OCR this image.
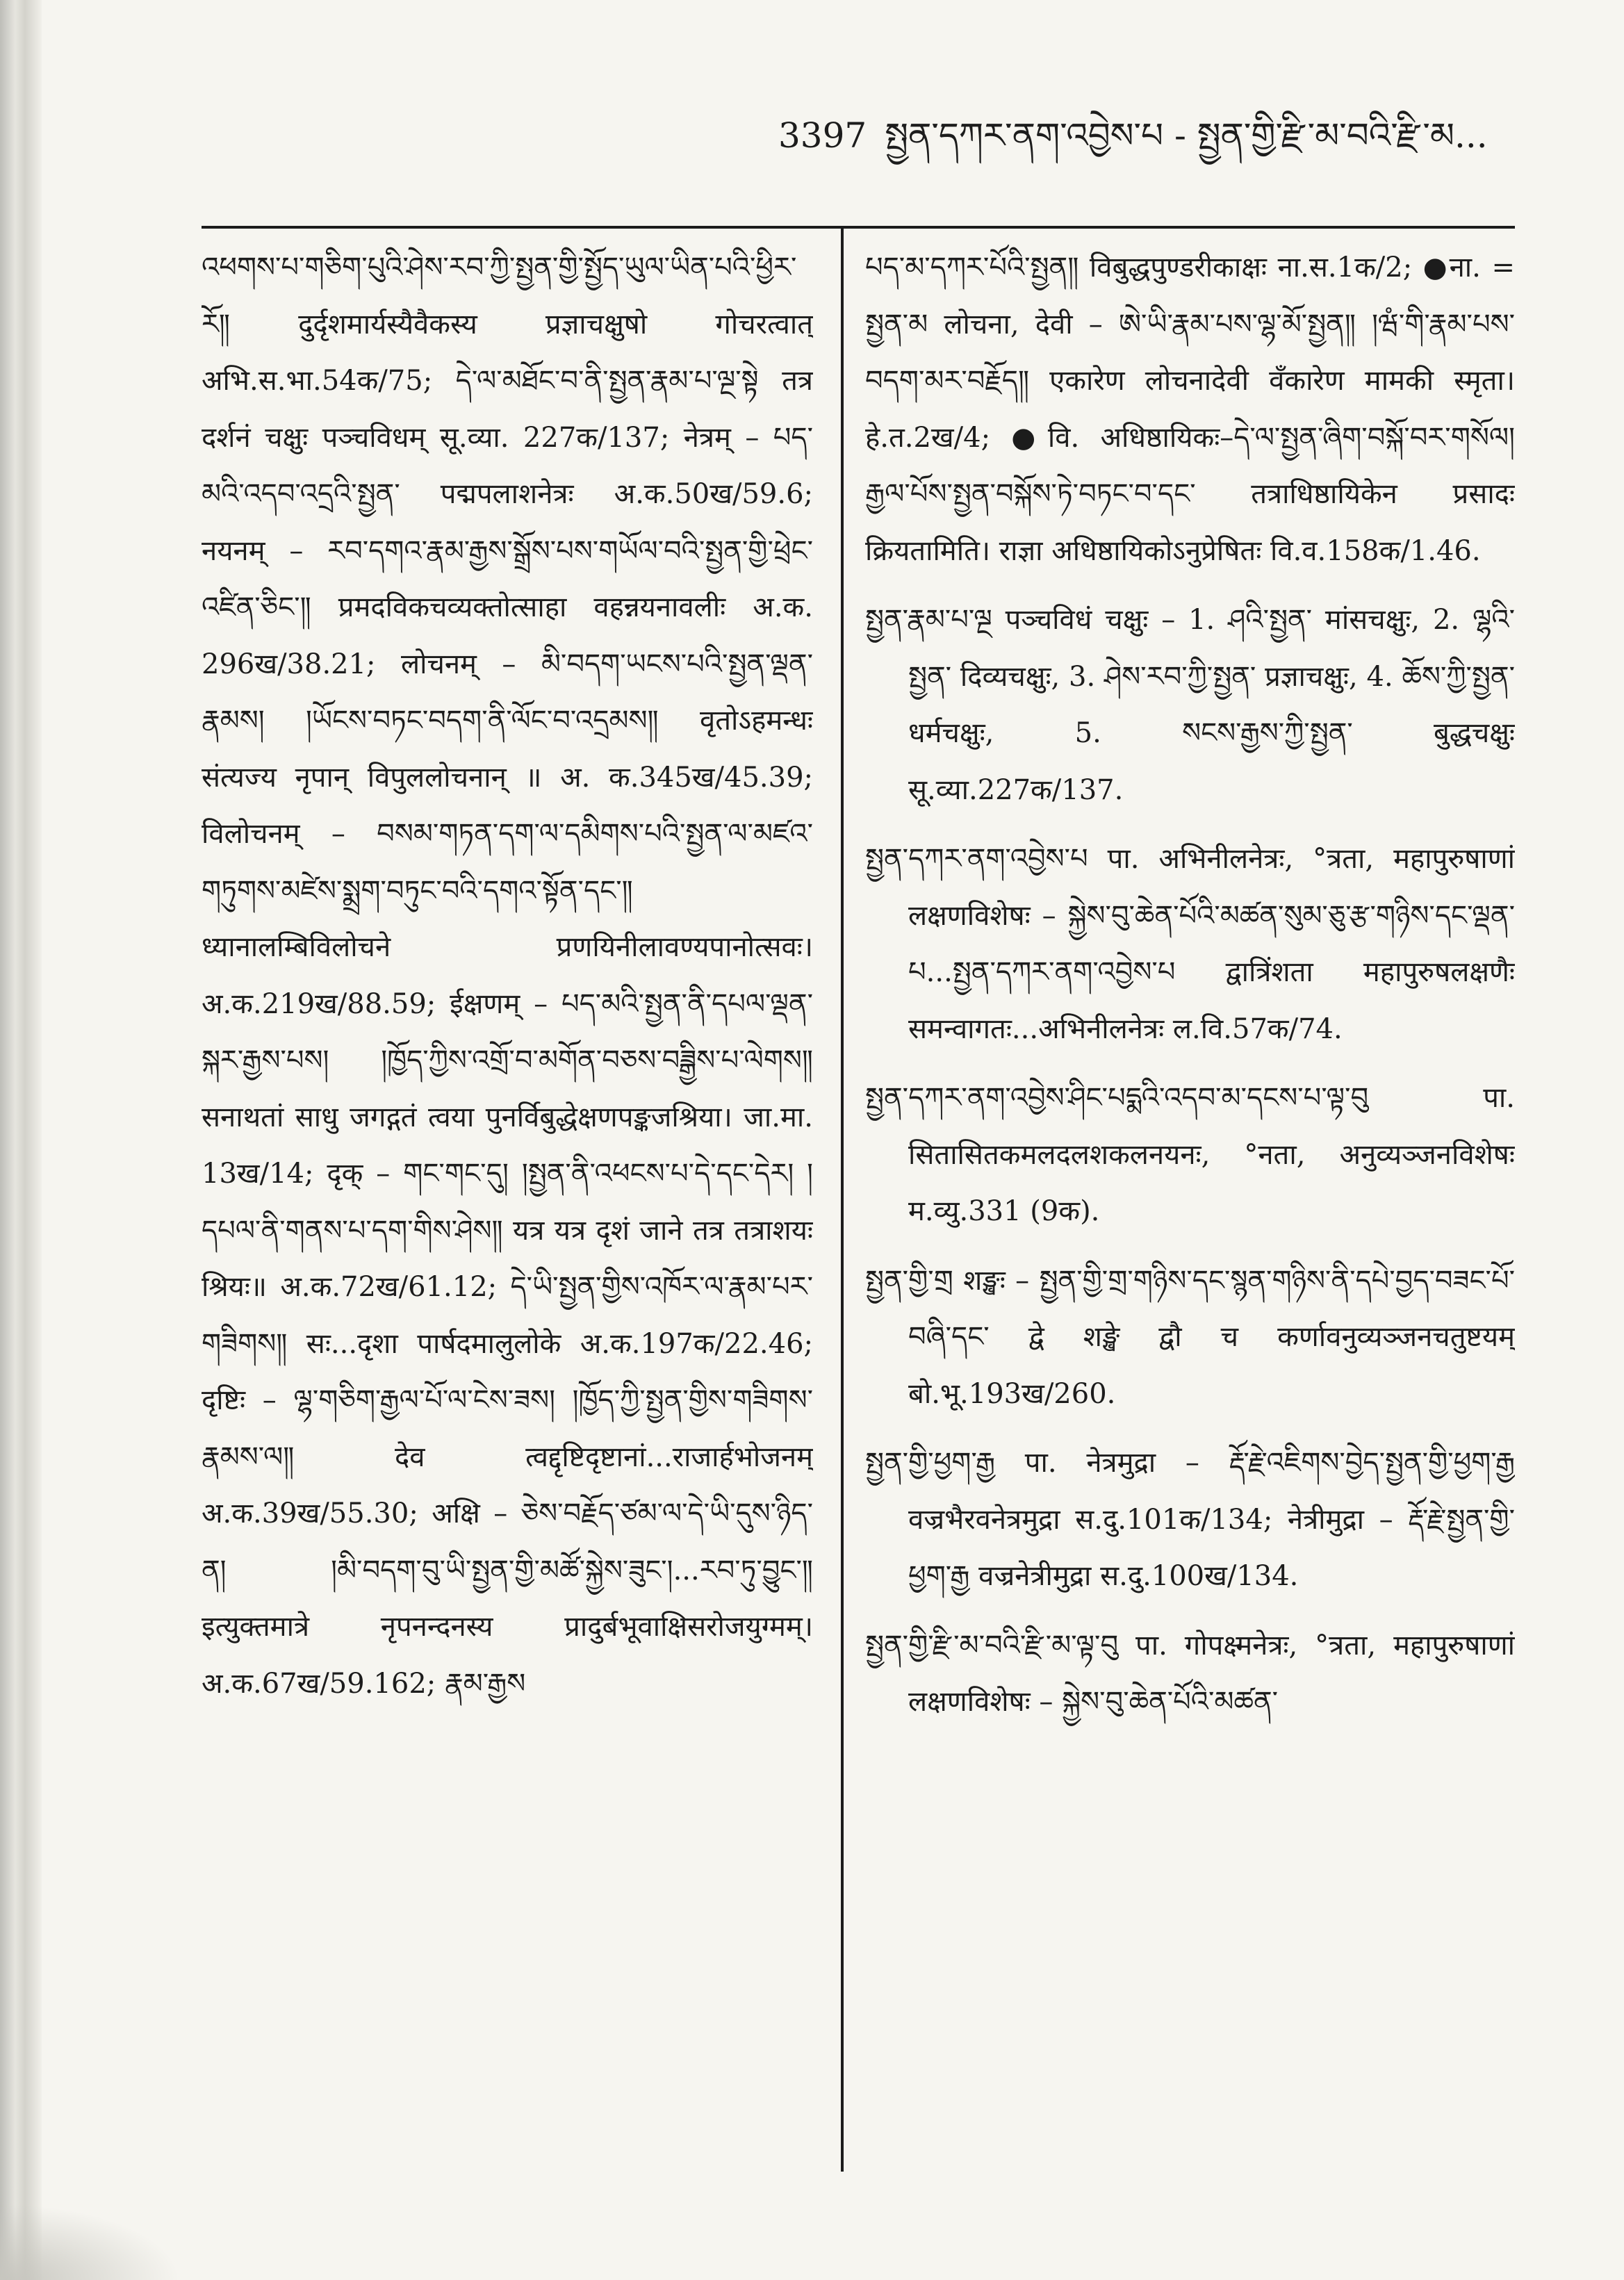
3397 སྤྱན་དཀར་ནག་འབྱེས་པ - སྤྱན་གྱི་རྫི་མ་བའི་རྫི་མ...

འཕགས་པ་གཅིག་པུའི་ཤེས་རབ་ཀྱི་སྤྱན་གྱི་སྤྱོད་ཡུལ་ཡིན་པའི་ཕྱིར་རོ༎ दुर्दृशमार्यस्यैवैकस्य प्रज्ञाचक्षुषो गोचरत्वात् अभि.स.भा.54क/75; དེ་ལ་མཐོང་བ་ནི་སྤྱན་རྣམ་པ་ལྔ་སྟེ तत्र दर्शनं चक्षुः पञ्चविधम् सू.व्या. 227क/137; नेत्रम् – པད་མའི་འདབ་འདྲའི་སྤྱན་ पद्मपलाशनेत्रः अ.क.50ख/59.6; नयनम् – རབ་དགའ་རྣམ་རྒྱས་སྒྲོས་པས་གཡོལ་བའི་སྤྱན་གྱི་ཕྲེང་འཛིན་ཅིང་༎ प्रमदविकचव्यक्तोत्साहा वहन्नयनावलीः अ.क. 296ख/38.21; लोचनम् – མི་བདག་ཡངས་པའི་སྤྱན་ལྡན་རྣམས། །ཡོངས་བཏང་བདག་ནི་ལོང་བ་འདྲམས༎ वृतोऽहमन्धः संत्यज्य नृपान् विपुललोचनान् ॥ अ. क.345ख/45.39; विलोचनम् – བསམ་གཏན་དག་ལ་དམིགས་པའི་སྤྱན་ལ་མཛའ་གཏུགས་མཛེས་སྨྲག་བཏུང་བའི་དགའ་སྟོན་དང་༎ ध्यानालम्बिविलोचने प्रणयिनीलावण्यपानोत्सवः। अ.क.219ख/88.59; ईक्षणम् – པད་མའི་སྤྱན་ནི་དཔལ་ལྡན་སྐར་རྒྱས་པས། །ཁྱོད་ཀྱིས་འགྲོ་བ་མགོན་བཅས་བཟྒྱིས་པ་ལེགས༎ सनाथतां साधु जगद्गतं त्वया पुनर्विबुद्धेक्षणपङ्कजश्रिया। जा.मा. 13ख/14; दृक् – གང་གང་དུ། །སྤྱན་ནི་འཕངས་པ་དེ་དང་དེར། །དཔལ་ནི་གནས་པ་དག་གིས་ཤེས༎ यत्र यत्र दृशं जाने तत्र तत्राशयः श्रियः॥ अ.क.72ख/61.12; དེ་ཡི་སྤྱན་གྱིས་འཁོར་ལ་རྣམ་པར་གཟིགས༎ सः...दृशा पार्षदमालुलोके अ.क.197क/22.46; दृष्टिः – ལྷ་གཅིག་རྒྱལ་པོ་ལ་ངེས་ཟས། །ཁྱོད་ཀྱི་སྤྱན་གྱིས་གཟིགས་རྣམས་ལ༎ देव त्वद्दृष्टिदृष्टानां...राजार्हभोजनम् अ.क.39ख/55.30; अक्षि – ཅེས་བརྗོད་ཙམ་ལ་དེ་ཡི་དུས་ཉིད་ན། །མི་བདག་བུ་ཡི་སྤྱན་གྱི་མཚོ་སྐྱེས་ཟུང་།...རབ་ཏུ་བྱུང་༎ इत्युक्तमात्रे नृपनन्दनस्य प्रादुर्बभूवाक्षिसरोजयुग्मम्। अ.क.67ख/59.162; རྣམ་རྒྱས

པད་མ་དཀར་པོའི་སྤྱན༎ विबुद्धपुण्डरीकाक्षः ना.स.1क/2; ●ना. = སྤྱན་མ लोचना, देवी – ཨེ་ཡི་རྣམ་པས་ལྷ་མོ་སྤྱན༎ །ཝཾ་གི་རྣམ་པས་བདག་མར་བརྗོད༎ एकारेण लोचनादेवी वँकारेण मामकी स्मृता। हे.त.2ख/4; ●वि. अधिष्ठायिकः–དེ་ལ་སྤྱན་ཞིག་བསྐོ་བར་གསོལ། རྒྱལ་པོས་སྤྱན་བསྐོས་ཏེ་བཏང་བ་དང་ तत्राधिष्ठायिकेन प्रसादः क्रियतामिति। राज्ञा अधिष्ठायिकोऽनुप्रेषितः वि.व.158क/1.46.

སྤྱན་རྣམ་པ་ལྔ पञ्चविधं चक्षुः – 1. ཤའི་སྤྱན་ मांसचक्षुः, 2. ལྷའི་སྤྱན་ दिव्यचक्षुः, 3. ཤེས་རབ་ཀྱི་སྤྱན་ प्रज्ञाचक्षुः, 4. ཆོས་ཀྱི་སྤྱན་ धर्मचक्षुः, 5. སངས་རྒྱས་ཀྱི་སྤྱན་ बुद्धचक्षुः सू.व्या.227क/137.

སྤྱན་དཀར་ནག་འབྱེས་པ पा. अभिनीलनेत्रः, °त्रता, महापुरुषाणां लक्षणविशेषः – སྐྱེས་བུ་ཆེན་པོའི་མཚན་སུམ་ཅུ་རྩ་གཉིས་དང་ལྡན་པ...སྤྱན་དཀར་ནག་འབྱེས་པ द्वात्रिंशता महापुरुषलक्षणैः समन्वागतः...अभिनीलनेत्रः ल.वि.57क/74.

སྤྱན་དཀར་ནག་འབྱེས་ཤིང་པདྨའི་འདབ་མ་དངས་པ་ལྟ་བུ पा. सितासितकमलदलशकलनयनः, °नता, अनुव्यञ्जनविशेषः म.व्यु.331 (9क).

སྤྱན་གྱི་གྲ शङ्खः – སྤྱན་གྱི་གྲ་གཉིས་དང་སྙན་གཉིས་ནི་དཔེ་བྱད་བཟང་པོ་བཞི་དང་ द्वे शङ्खे द्वौ च कर्णावनुव्यञ्जनचतुष्टयम् बो.भू.193ख/260.

སྤྱན་གྱི་ཕྱག་རྒྱ पा. नेत्रमुद्रा – རྡོ་རྗེ་འཇིགས་བྱེད་སྤྱན་གྱི་ཕྱག་རྒྱ वज्रभैरवनेत्रमुद्रा स.दु.101क/134; नेत्रीमुद्रा – རྡོ་རྗེ་སྤྱན་གྱི་ཕྱག་རྒྱ वज्रनेत्रीमुद्रा स.दु.100ख/134.

སྤྱན་གྱི་རྫི་མ་བའི་རྫི་མ་ལྟ་བུ पा. गोपक्ष्मनेत्रः, °त्रता, महापुरुषाणां लक्षणविशेषः – སྐྱེས་བུ་ཆེན་པོའི་མཚན་
